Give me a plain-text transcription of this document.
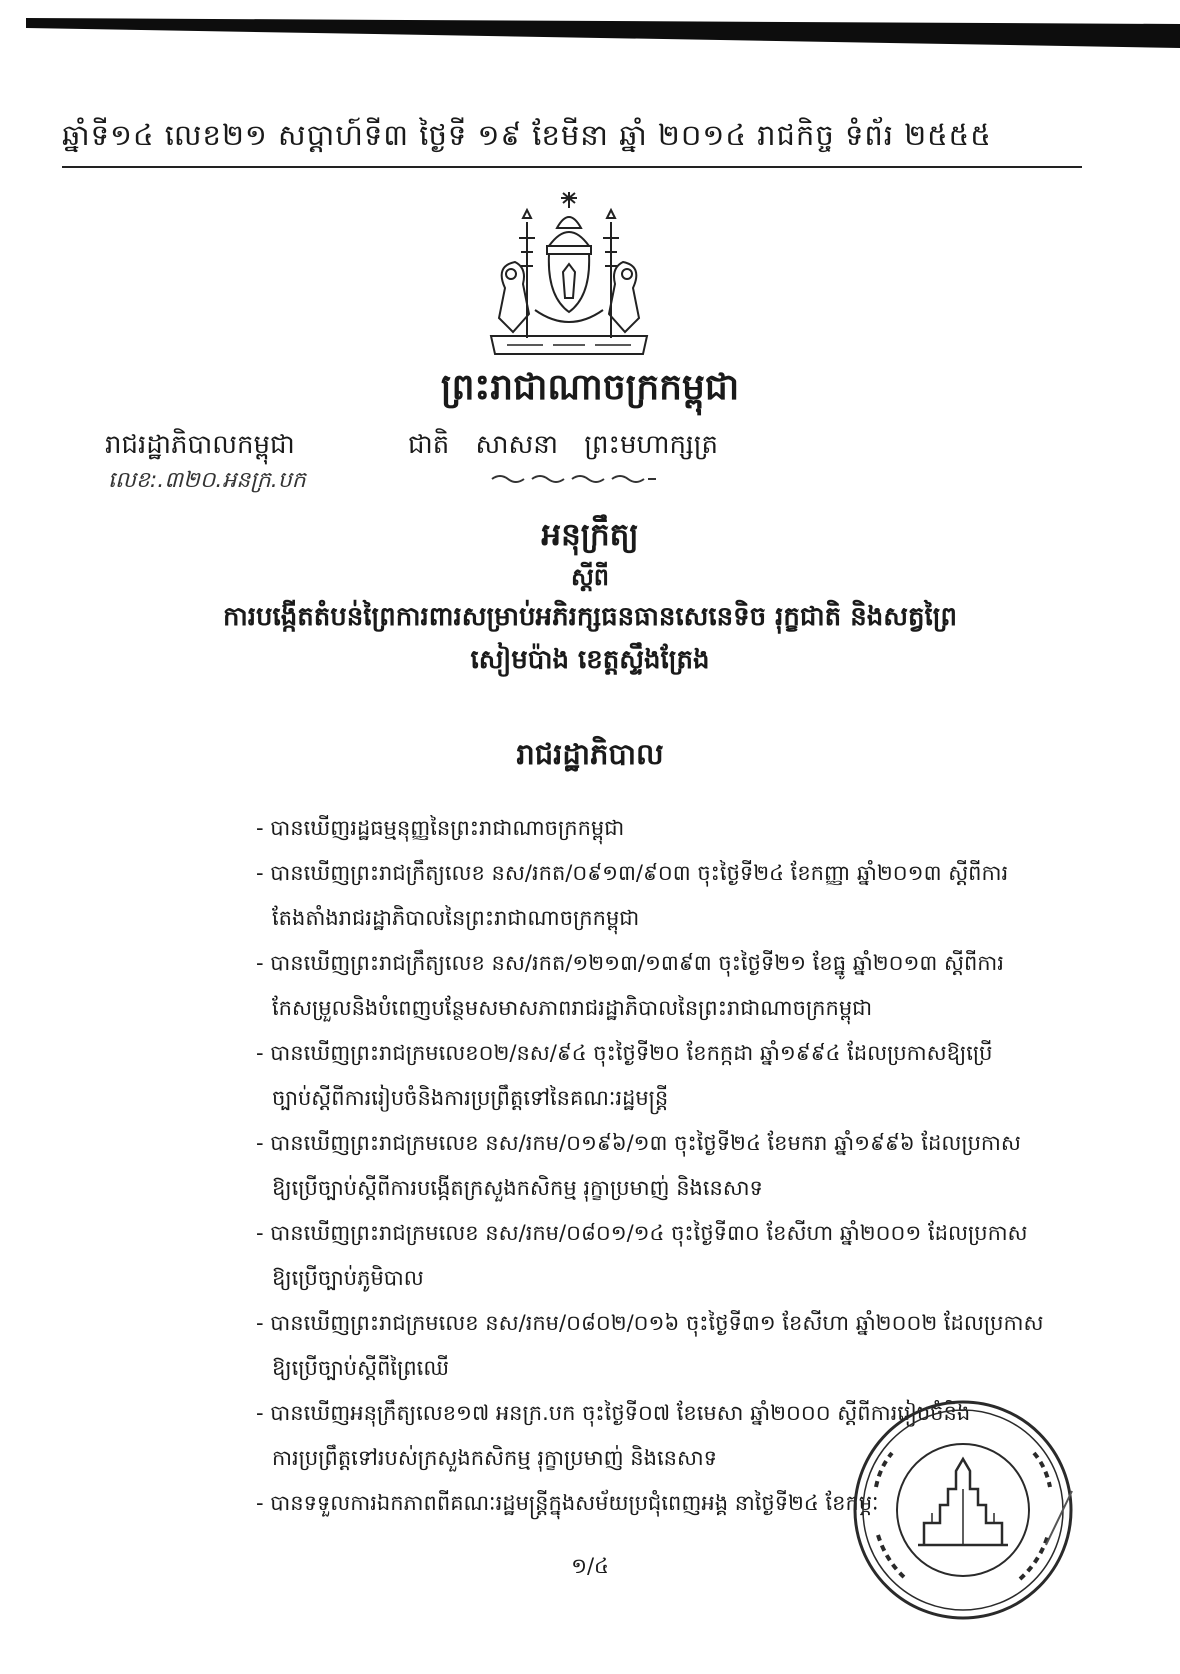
ឆ្នាំទី១៤ លេខ២១ សប្ដាហ៍ទី៣ ថ្ងៃទី ១៩ ខែមីនា ឆ្នាំ ២០១៤ រាជកិច្ច ទំព័រ ២៥៥៥
ព្រះរាជាណាចក្រកម្ពុជា
រាជរដ្ឋាភិបាលកម្ពុជា	ជាតិ សាសនា ព្រះមហាក្សត្រ
លេខ:.៣២០.អនក្រ.បក
អនុក្រឹត្យ
ស្ដីពី
ការបង្កើតតំបន់ព្រៃការពារសម្រាប់អភិរក្សធនធានសេនេទិច រុក្ខជាតិ និងសត្វព្រៃ
សៀមប៉ាង ខេត្តស្ទឹងត្រែង
រាជរដ្ឋាភិបាល
- បានឃើញរដ្ឋធម្មនុញ្ញនៃព្រះរាជាណាចក្រកម្ពុជា
- បានឃើញព្រះរាជក្រឹត្យលេខ នស/រកត/០៩១៣/៩០៣ ចុះថ្ងៃទី២៤ ខែកញ្ញា ឆ្នាំ២០១៣ ស្ដីពីការ
តែងតាំងរាជរដ្ឋាភិបាលនៃព្រះរាជាណាចក្រកម្ពុជា
- បានឃើញព្រះរាជក្រឹត្យលេខ នស/រកត/១២១៣/១៣៩៣ ចុះថ្ងៃទី២១ ខែធ្នូ ឆ្នាំ២០១៣ ស្ដីពីការ
កែសម្រួលនិងបំពេញបន្ថែមសមាសភាពរាជរដ្ឋាភិបាលនៃព្រះរាជាណាចក្រកម្ពុជា
- បានឃើញព្រះរាជក្រមលេខ០២/នស/៩៤ ចុះថ្ងៃទី២០ ខែកក្កដា ឆ្នាំ១៩៩៤ ដែលប្រកាសឱ្យប្រើ
ច្បាប់ស្ដីពីការរៀបចំនិងការប្រព្រឹត្តទៅនៃគណៈរដ្ឋមន្ត្រី
- បានឃើញព្រះរាជក្រមលេខ នស/រកម/០១៩៦/១៣ ចុះថ្ងៃទី២៤ ខែមករា ឆ្នាំ១៩៩៦ ដែលប្រកាស
ឱ្យប្រើច្បាប់ស្ដីពីការបង្កើតក្រសួងកសិកម្ម រុក្ខាប្រមាញ់ និងនេសាទ
- បានឃើញព្រះរាជក្រមលេខ នស/រកម/០៨០១/១៤ ចុះថ្ងៃទី៣០ ខែសីហា ឆ្នាំ២០០១ ដែលប្រកាស
ឱ្យប្រើច្បាប់ភូមិបាល
- បានឃើញព្រះរាជក្រមលេខ នស/រកម/០៨០២/០១៦ ចុះថ្ងៃទី៣១ ខែសីហា ឆ្នាំ២០០២ ដែលប្រកាស
ឱ្យប្រើច្បាប់ស្ដីពីព្រៃឈើ
- បានឃើញអនុក្រឹត្យលេខ១៧ អនក្រ.បក ចុះថ្ងៃទី០៧ ខែមេសា ឆ្នាំ២០០០ ស្ដីពីការរៀបចំនិង
ការប្រព្រឹត្តទៅរបស់ក្រសួងកសិកម្ម រុក្ខាប្រមាញ់ និងនេសាទ
- បានទទួលការឯកភាពពីគណៈរដ្ឋមន្ត្រីក្នុងសម័យប្រជុំពេញអង្គ នាថ្ងៃទី២៤ ខែកុម្ភៈ
១/៤
